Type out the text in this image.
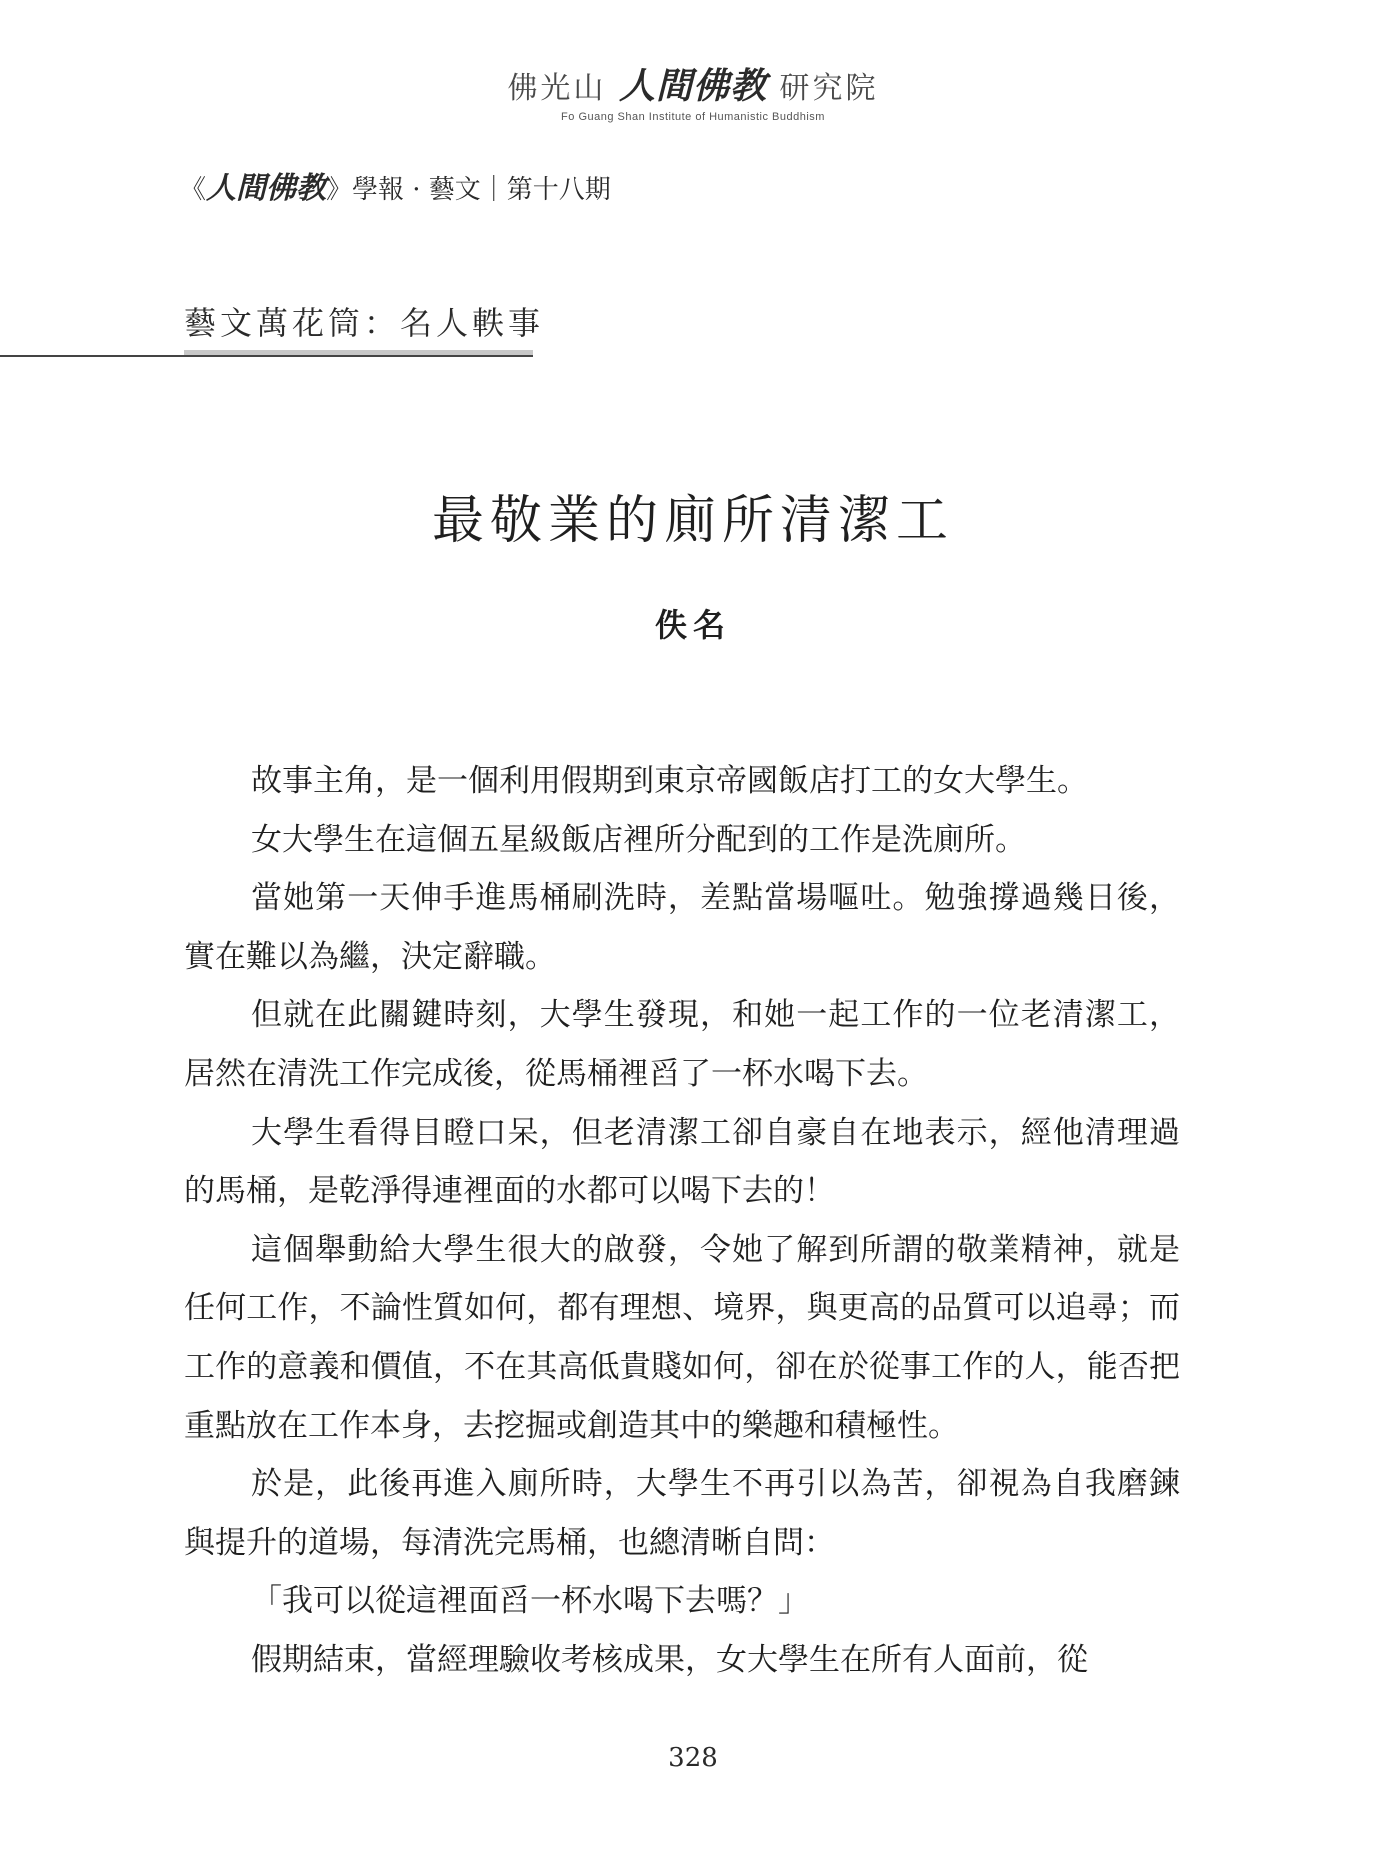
佛光山 人間佛教 研究院
Fo Guang Shan Institute of Humanistic Buddhism
《人間佛教》學報 · 藝文｜第十八期
藝文萬花筒：名人軼事
最敬業的廁所清潔工
佚名

故事主角，是一個利用假期到東京帝國飯店打工的女大學生。

女大學生在這個五星級飯店裡所分配到的工作是洗廁所。

當她第一天伸手進馬桶刷洗時，差點當場嘔吐。勉強撐過幾日後，實在難以為繼，決定辭職。

但就在此關鍵時刻，大學生發現，和她一起工作的一位老清潔工，居然在清洗工作完成後，從馬桶裡舀了一杯水喝下去。

大學生看得目瞪口呆，但老清潔工卻自豪自在地表示，經他清理過的馬桶，是乾淨得連裡面的水都可以喝下去的！

這個舉動給大學生很大的啟發，令她了解到所謂的敬業精神，就是任何工作，不論性質如何，都有理想、境界，與更高的品質可以追尋；而工作的意義和價值，不在其高低貴賤如何，卻在於從事工作的人，能否把重點放在工作本身，去挖掘或創造其中的樂趣和積極性。

於是，此後再進入廁所時，大學生不再引以為苦，卻視為自我磨鍊與提升的道場，每清洗完馬桶，也總清晰自問：

「我可以從這裡面舀一杯水喝下去嗎？」

假期結束，當經理驗收考核成果，女大學生在所有人面前，從

328
